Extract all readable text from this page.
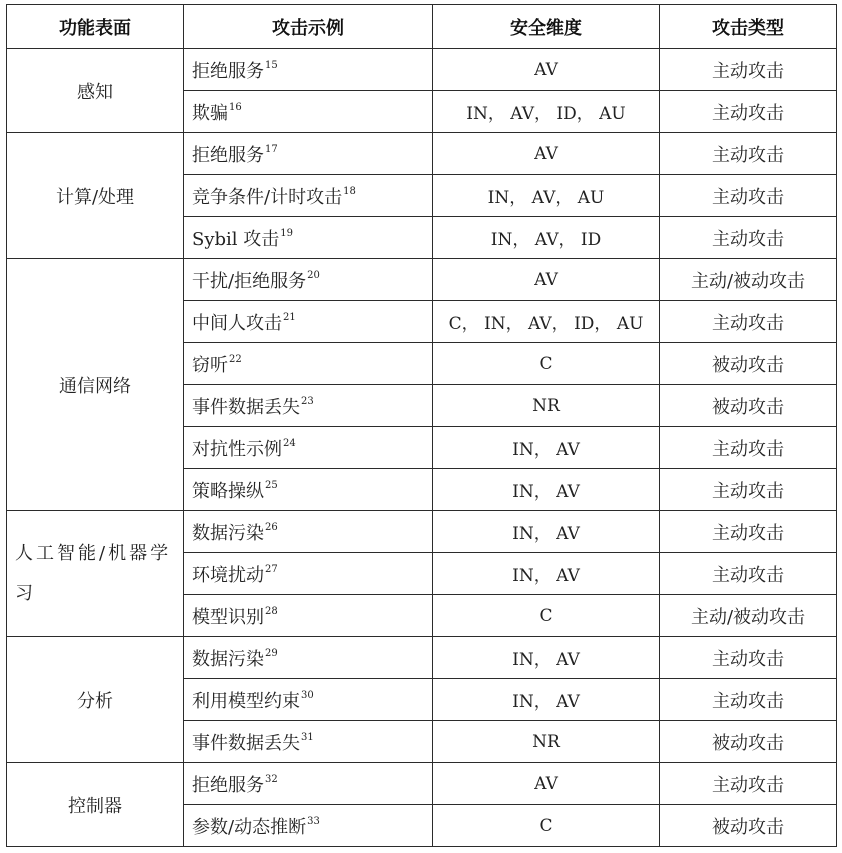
功能表面	攻击示例	安全维度	攻击类型
感知	拒绝服务$^{15}$	AV	主动攻击
	欺骗$^{16}$	IN， AV， ID， AU	主动攻击
计算/处理	拒绝服务$^{17}$	AV	主动攻击
	竞争条件/计时攻击$^{18}$	IN， AV， AU	主动攻击
	Sybil 攻击$^{19}$	IN， AV， ID	主动攻击
通信网络	干扰/拒绝服务$^{20}$	AV	主动/被动攻击
	中间人攻击$^{21}$	C， IN， AV， ID， AU	主动攻击
	窃听$^{22}$	C	被动攻击
	事件数据丢失$^{23}$	NR	被动攻击
	对抗性示例$^{24}$	IN， AV	主动攻击
	策略操纵$^{25}$	IN， AV	主动攻击
人工智能/机器学习	数据污染$^{26}$	IN， AV	主动攻击
	环境扰动$^{27}$	IN， AV	主动攻击
	模型识别$^{28}$	C	主动/被动攻击
分析	数据污染$^{29}$	IN， AV	主动攻击
	利用模型约束$^{30}$	IN， AV	主动攻击
	事件数据丢失$^{31}$	NR	被动攻击
控制器	拒绝服务$^{32}$	AV	主动攻击
	参数/动态推断$^{33}$	C	被动攻击
